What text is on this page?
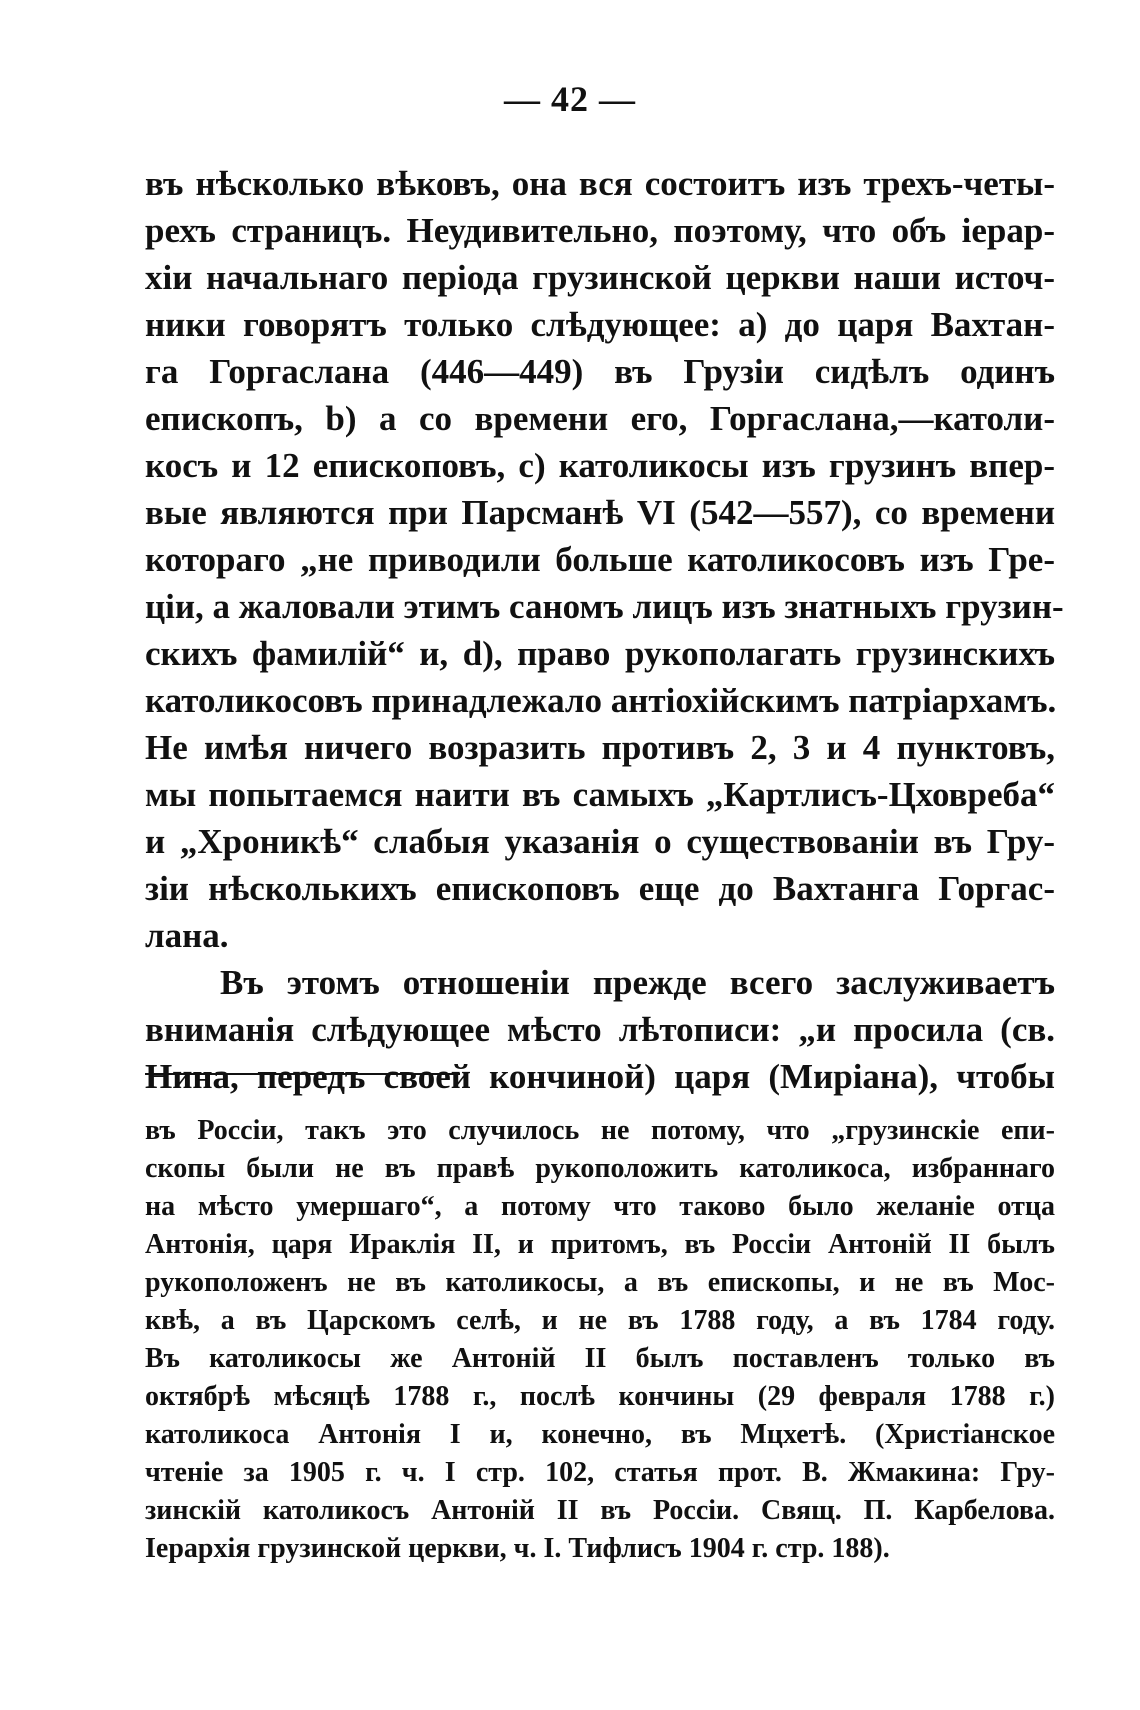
— 42 —
въ нѣсколько вѣковъ, она вся состоитъ изъ трехъ-четы-
рехъ страницъ. Неудивительно, поэтому, что объ іерар-
хіи начальнаго періода грузинской церкви наши источ-
ники говорятъ только слѣдующее: a) до царя Вахтан-
га Горгаслана (446—449) въ Грузіи сидѣлъ одинъ
епископъ, b) а со времени его, Горгаслана,—католи-
косъ и 12 епископовъ, c) католикосы изъ грузинъ впер-
вые являются при Парсманѣ VI (542—557), со времени
котораго „не приводили больше католикосовъ изъ Гре-
ціи, а жаловали этимъ саномъ лицъ изъ знатныхъ грузин-
скихъ фамилій“ и, d), право рукополагать грузинскихъ
католикосовъ принадлежало антіохійскимъ патріархамъ.
Не имѣя ничего возразить противъ 2, 3 и 4 пунктовъ,
мы попытаемся наити въ самыхъ „Картлисъ-Цховреба“
и „Хроникѣ“ слабыя указанія о существованіи въ Гру-
зіи нѣсколькихъ епископовъ еще до Вахтанга Горгас-
лана.
Въ этомъ отношеніи прежде всего заслуживаетъ
вниманія слѣдующее мѣсто лѣтописи: „и просила (св.
Нина, передъ своей кончиной) царя (Миріана), чтобы
въ Россіи, такъ это случилось не потому, что „грузинскіе епи-
скопы были не въ правѣ рукоположить католикоса, избраннаго
на мѣсто умершаго“, а потому что таково было желаніе отца
Антонія, царя Ираклія II, и притомъ, въ Россіи Антоній II былъ
рукоположенъ не въ католикосы, а въ епископы, и не въ Мос-
квѣ, а въ Царскомъ селѣ, и не въ 1788 году, а въ 1784 году.
Въ католикосы же Антоній II былъ поставленъ только въ
октябрѣ мѣсяцѣ 1788 г., послѣ кончины (29 февраля 1788 г.)
католикоса Антонія I и, конечно, въ Мцхетѣ. (Христіанское
чтеніе за 1905 г. ч. I стр. 102, статья прот. В. Жмакина: Гру-
зинскій католикосъ Антоній II въ Россіи. Свящ. П. Карбелова.
Іерархія грузинской церкви, ч. I. Тифлисъ 1904 г. стр. 188).
